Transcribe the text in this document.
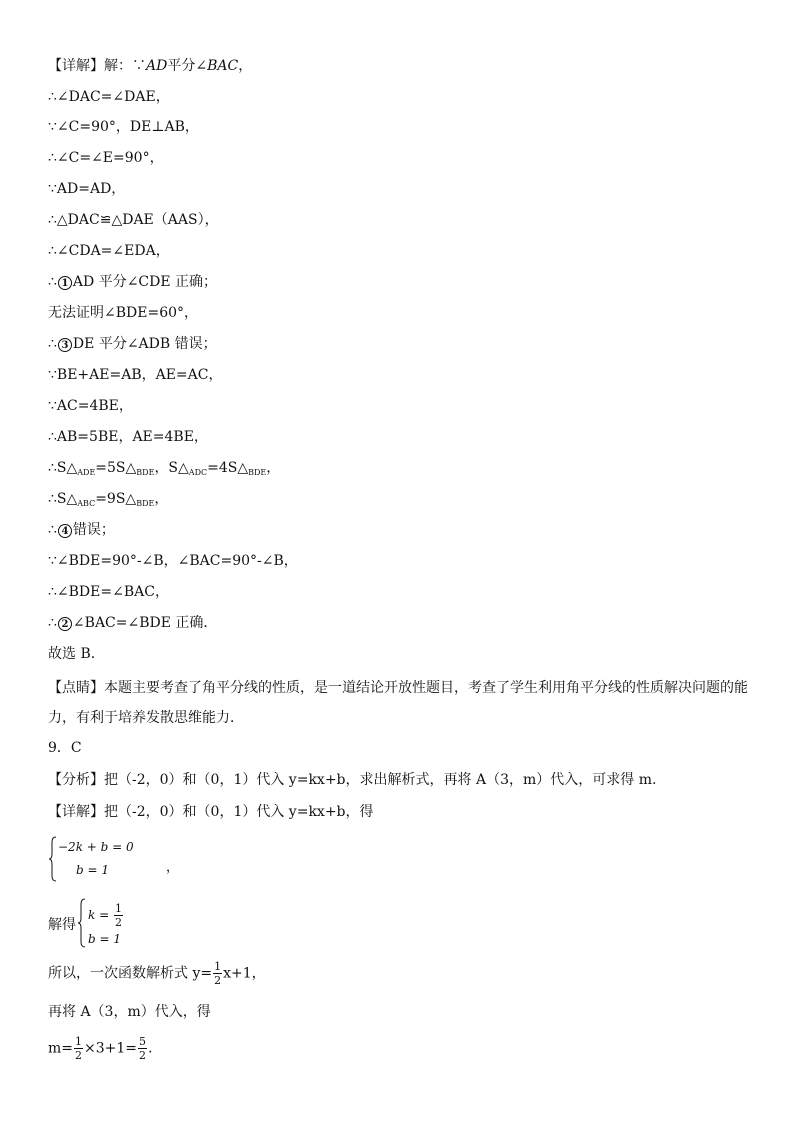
【详解】解：∵AD平分∠BAC，
∴∠DAC=∠DAE，
∵∠C=90°，DE⊥AB，
∴∠C=∠E=90°，
∵AD=AD，
∴△DAC≌△DAE（AAS），
∴∠CDA=∠EDA，
∴ 1 AD 平分∠CDE 正确；
无法证明∠BDE=60°，
∴ 3 DE 平分∠ADB 错误；
∵BE+AE=AB，AE=AC，
∵AC=4BE，
∴AB=5BE，AE=4BE，
$\therefore S\triangle_{ADE}=5S\triangle_{BDE}$，$S\triangle_{ADC}=4S\triangle_{BDE}$，
$\therefore S\triangle_{ABC}=9S\triangle_{BDE}$，
∴ 4 错误；
∵∠BDE=90°-∠B，∠BAC=90°-∠B，
∴∠BDE=∠BAC，
∴ 2 ∠BAC=∠BDE 正确．
故选 B．
【点睛】本题主要考查了角平分线的性质，是一道结论开放性题目，考查了学生利用角平分线的性质解决问题的能力，有利于培养发散思维能力．
9．C
【分析】把（-2，0）和（0，1）代入 y=kx+b，求出解析式，再将 A（3，m）代入，可求得 m.
【详解】把（-2，0）和（0，1）代入 y=kx+b，得
−2k + b = 0
b = 1	，
解得
$k = \frac{1}{2}$
b = 1
所以，一次函数解析式 $y= \frac{1}{2} x+1$，
再将 A（3，m）代入，得
$m= \frac{1}{2} \times 3+1= \frac{5}{2}$ .
